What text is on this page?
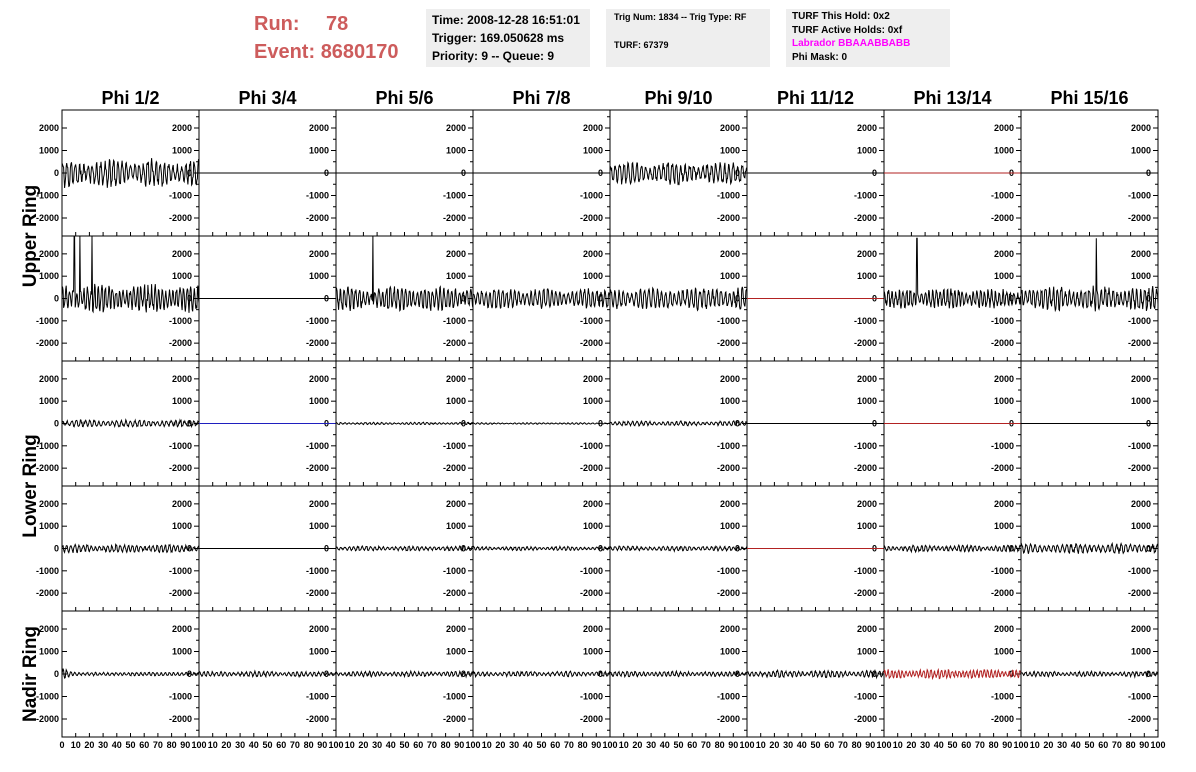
Run: 78
Event: 8680170
Time: 2008-12-28 16:51:01
Trigger: 169.050628 ms
Priority: 9 -- Queue: 9
Trig Num: 1834 -- Trig Type: RF
TURF: 67379
TURF This Hold: 0x2
TURF Active Holds: 0xf
Labrador BBAAABBABB
Phi Mask: 0
Phi 1/2	Phi 3/4	Phi 5/6	Phi 7/8	Phi 9/10	Phi 11/12	Phi 13/14	Phi 15/16
Upper Ring
Lower Ring
Nadir Ring
2000
2000
1000
1000
0
0
-1000
-1000
-2000
-2000
2000
1000
0
-1000
-2000
2000
1000
0
-1000
-2000
2000
1000
0
-1000
-2000
2000
1000
0
-1000
-2000
2000
1000
0
-1000
-2000
2000
1000
0
-1000
-2000
2000
1000
0
-1000
-2000
2000
2000
1000
1000
0
0
-1000
-1000
-2000
-2000
2000
1000
0
-1000
-2000
2000
1000
0
-1000
-2000
2000
1000
0
-1000
-2000
2000
1000
0
-1000
-2000
2000
1000
0
-1000
-2000
2000
1000
0
-1000
-2000
2000
1000
0
-1000
-2000
2000
2000
1000
1000
0
0
-1000
-1000
-2000
-2000
2000
1000
0
-1000
-2000
2000
1000
0
-1000
-2000
2000
1000
0
-1000
-2000
2000
1000
0
-1000
-2000
2000
1000
0
-1000
-2000
2000
1000
0
-1000
-2000
2000
1000
0
-1000
-2000
2000
2000
1000
1000
0
0
-1000
-1000
-2000
-2000
2000
1000
0
-1000
-2000
2000
1000
0
-1000
-2000
2000
1000
0
-1000
-2000
2000
1000
0
-1000
-2000
2000
1000
0
-1000
-2000
2000
1000
0
-1000
-2000
2000
1000
0
-1000
-2000
2000
2000
1000
1000
0
0
-1000
-1000
-2000
-2000
2000
1000
0
-1000
-2000
2000
1000
0
-1000
-2000
2000
1000
0
-1000
-2000
2000
1000
0
-1000
-2000
2000
1000
0
-1000
-2000
2000
1000
0
-1000
-2000
2000
1000
0
-1000
-2000
0 10 20 30 40 50 60 70 80 90 100 10 20 30 40 50 60 70 80 90 100 10 20 30 40 50 60 70 80 90 100 10 20 30 40 50 60 70 80 90 100 10 20 30 40 50 60 70 80 90 100 10 20 30 40 50 60 70 80 90 100 10 20 30 40 50 60 70 80 90 100 10 20 30 40 50 60 70 80 90 100
